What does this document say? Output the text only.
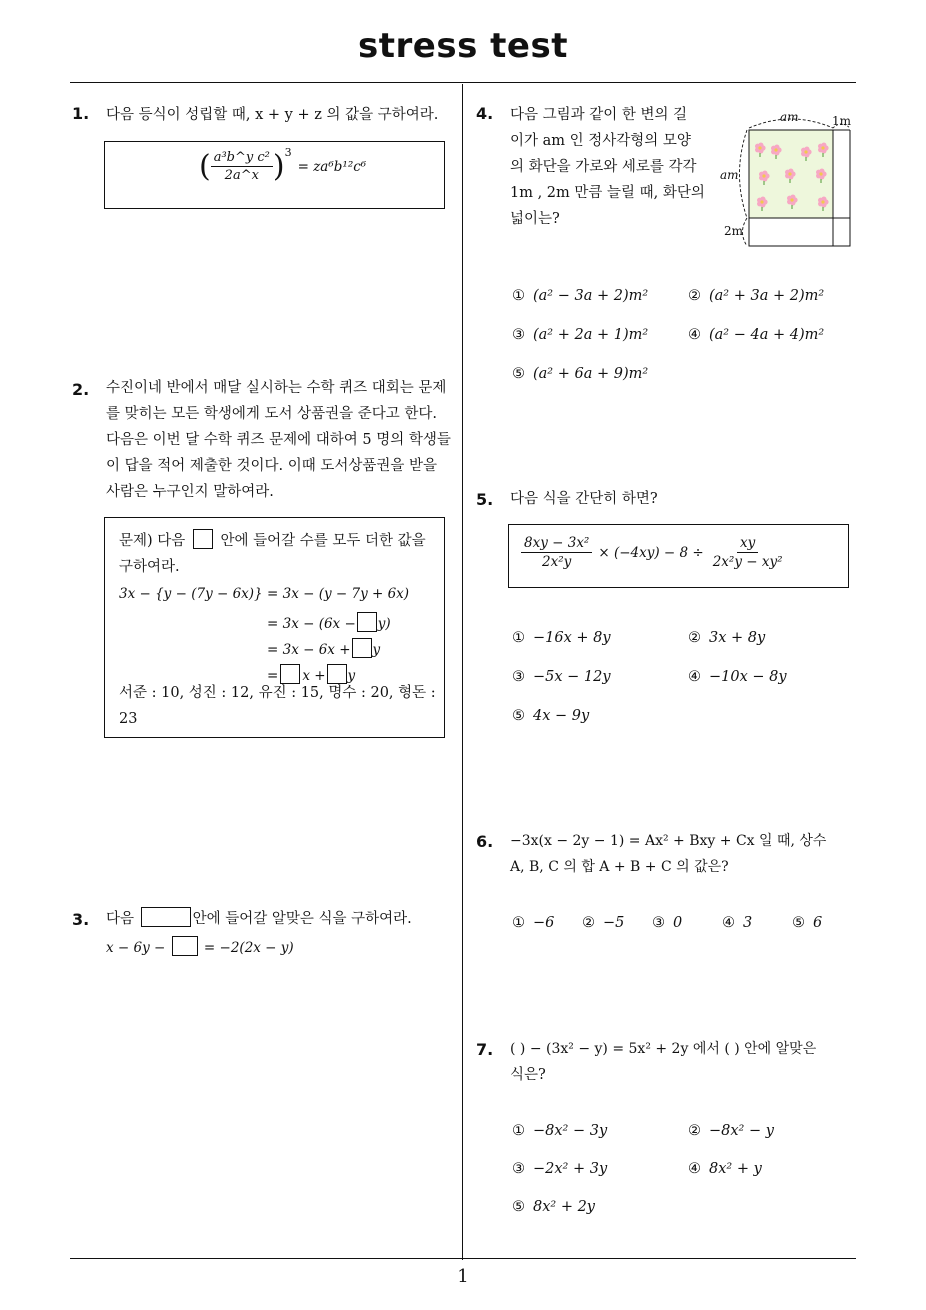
stress test
1
1. 다음 등식이 성립할 때, x + y + z 의 값을 구하여라.
( $\frac{\text{a³b\textasciicircum{}y c²}}{2a\^{}x} )^3$
= za⁶b¹²c⁶
2. 수진이네 반에서 매달 실시하는 수학 퀴즈 대회는 문제
를 맞히는 모든 학생에게 도서 상품권을 준다고 한다.
다음은 이번 달 수학 퀴즈 문제에 대하여 5 명의 학생들
이 답을 적어 제출한 것이다. 이때 도서상품권을 받을
사람은 누구인지 말하여라.
문제) 다음 안에 들어갈 수를 모두 더한 값을
구하여라.
3x − {y − (7y − 6x)} = 3x − (y − 7y + 6x)
= 3x − (6x − y)
= 3x − 6x + y
= x + y
서준 : 10, 성진 : 12, 유진 : 15, 명수 : 20, 형돈 :
23
3. 다음	안에 들어갈 알맞은 식을 구하여라.
x − 6y −	= −2(2x − y)
4. 다음 그림과 같이 한 변의 길
이가 am 인 정사각형의 모양
의 화단을 가로와 세로를 각각
1m , 2m 만큼 늘릴 때, 화단의
넓이는?
am
am
1m
2m
① (a² − 3a + 2)m²	② (a² + 3a + 2)m²
③ (a² + 2a + 1)m²	④ (a² − 4a + 4)m²
⑤ (a² + 6a + 9)m²
5. 다음 식을 간단히 하면?
$\frac{\text{8xy − 3x²}}{\text{2x²y}} \times (-4xy) - 8 \div \frac{xy}{\text{2x²y − xy²}}$
① −16x + 8y	② 3x + 8y
③ −5x − 12y	④ −10x − 8y
⑤ 4x − 9y
6. −3x(x − 2y − 1) = Ax² + Bxy + Cx 일 때, 상수
A, B, C 의 합 A + B + C 의 값은?
① −6 ② −5 ③ 0	④ 3	⑤ 6
7. ( ) − (3x² − y) = 5x² + 2y 에서 ( ) 안에 알맞은
식은?
① −8x² − 3y	② −8x² − y
③ −2x² + 3y	④ 8x² + y
⑤ 8x² + 2y
